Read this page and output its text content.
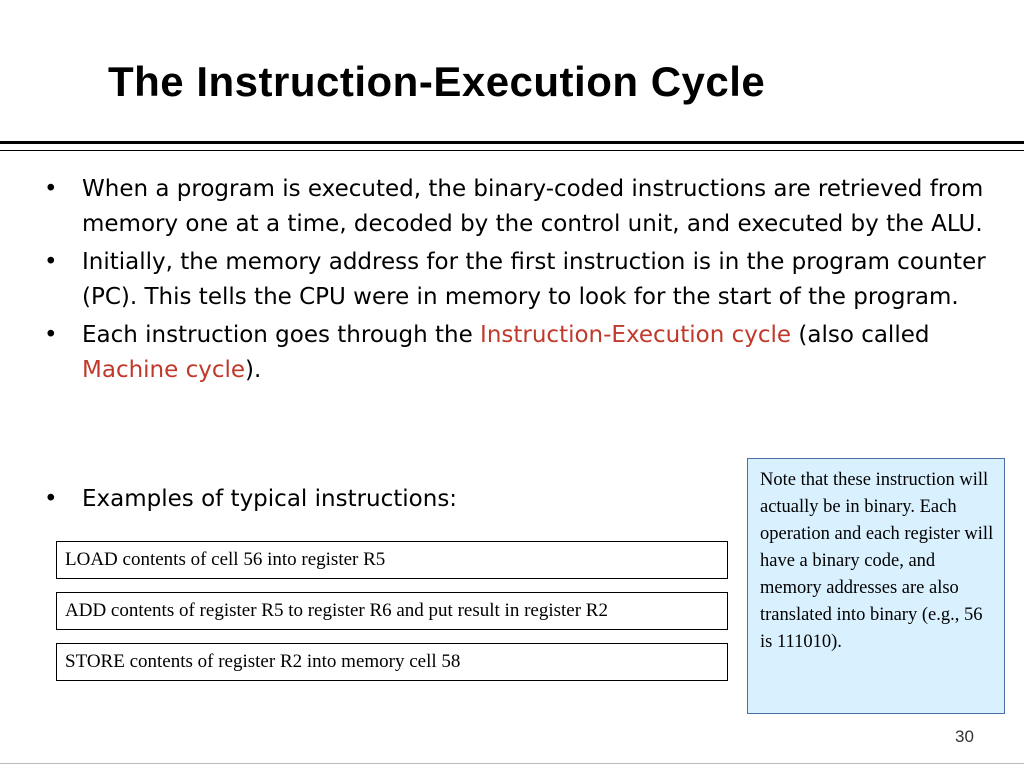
The Instruction-Execution Cycle
• When a program is executed, the binary-coded instructions are retrieved from memory one at a time, decoded by the control unit, and executed by the ALU.
• Initially, the memory address for the first instruction is in the program counter (PC). This tells the CPU were in memory to look for the start of the program.
• Each instruction goes through the Instruction-Execution cycle (also called Machine cycle).
• Examples of typical instructions:
LOAD contents of cell 56 into register R5
ADD contents of register R5 to register R6 and put result in register R2
STORE contents of register R2 into memory cell 58
Note that these instruction will actually be in binary. Each operation and each register will have a binary code, and memory addresses are also translated into binary (e.g., 56 is 111010).
30
